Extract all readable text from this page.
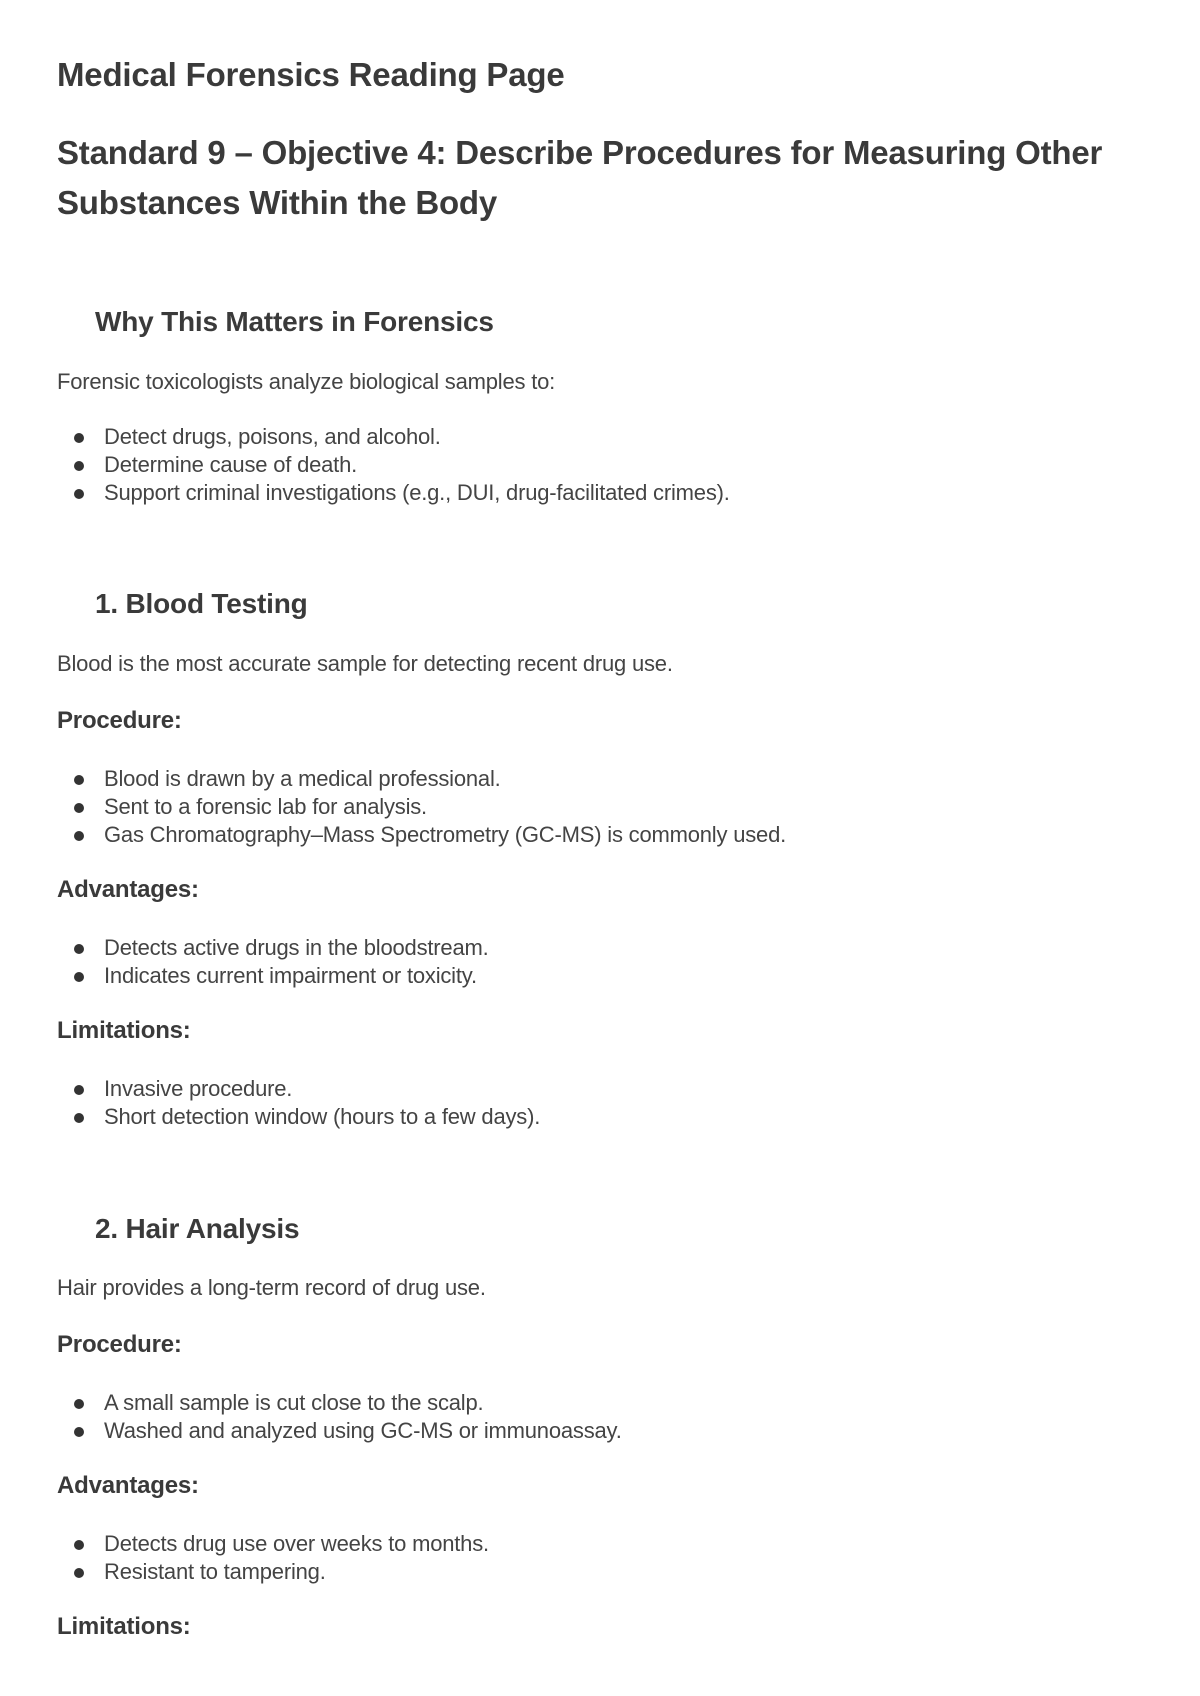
Medical Forensics Reading Page
Standard 9 – Objective 4: Describe Procedures for Measuring Other Substances Within the Body
Why This Matters in Forensics

Forensic toxicologists analyze biological samples to:

Detect drugs, poisons, and alcohol.
Determine cause of death.
Support criminal investigations (e.g., DUI, drug-facilitated crimes).
1. Blood Testing

Blood is the most accurate sample for detecting recent drug use.

Procedure:

Blood is drawn by a medical professional.
Sent to a forensic lab for analysis.
Gas Chromatography–Mass Spectrometry (GC-MS) is commonly used.

Advantages:

Detects active drugs in the bloodstream.
Indicates current impairment or toxicity.

Limitations:

Invasive procedure.
Short detection window (hours to a few days).
2. Hair Analysis

Hair provides a long-term record of drug use.

Procedure:

A small sample is cut close to the scalp.
Washed and analyzed using GC-MS or immunoassay.

Advantages:

Detects drug use over weeks to months.
Resistant to tampering.

Limitations:
